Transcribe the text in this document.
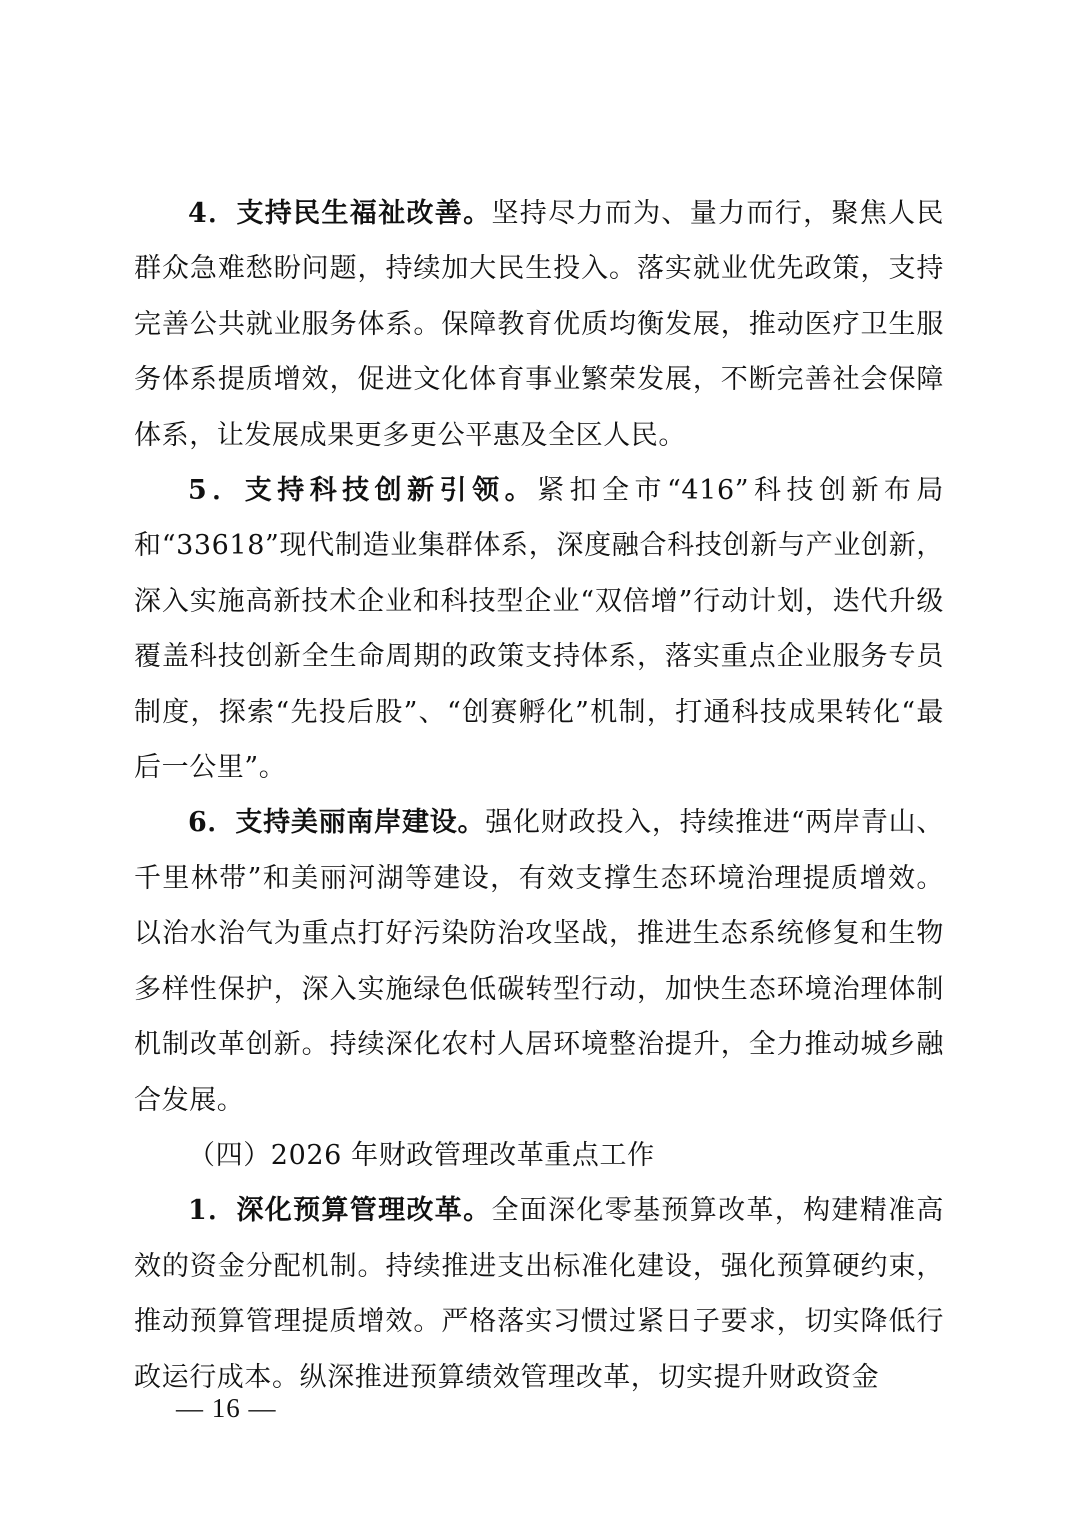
4．支持民生福祉改善。坚持尽力而为、量力而行，聚焦人民群众急难愁盼问题，持续加大民生投入。落实就业优先政策，支持完善公共就业服务体系。保障教育优质均衡发展，推动医疗卫生服务体系提质增效，促进文化体育事业繁荣发展，不断完善社会保障体系，让发展成果更多更公平惠及全区人民。

5．支持科技创新引领。紧扣全市“416”科技创新布局和“33618”现代制造业集群体系，深度融合科技创新与产业创新，深入实施高新技术企业和科技型企业“双倍增”行动计划，迭代升级覆盖科技创新全生命周期的政策支持体系，落实重点企业服务专员制度，探索“先投后股”、“创赛孵化”机制，打通科技成果转化“最后一公里”。

6．支持美丽南岸建设。强化财政投入，持续推进“两岸青山、千里林带”和美丽河湖等建设，有效支撑生态环境治理提质增效。以治水治气为重点打好污染防治攻坚战，推进生态系统修复和生物多样性保护，深入实施绿色低碳转型行动，加快生态环境治理体制机制改革创新。持续深化农村人居环境整治提升，全力推动城乡融合发展。

（四）2026 年财政管理改革重点工作

1．深化预算管理改革。全面深化零基预算改革，构建精准高效的资金分配机制。持续推进支出标准化建设，强化预算硬约束，推动预算管理提质增效。严格落实习惯过紧日子要求，切实降低行政运行成本。纵深推进预算绩效管理改革，切实提升财政资金

— 16 —
